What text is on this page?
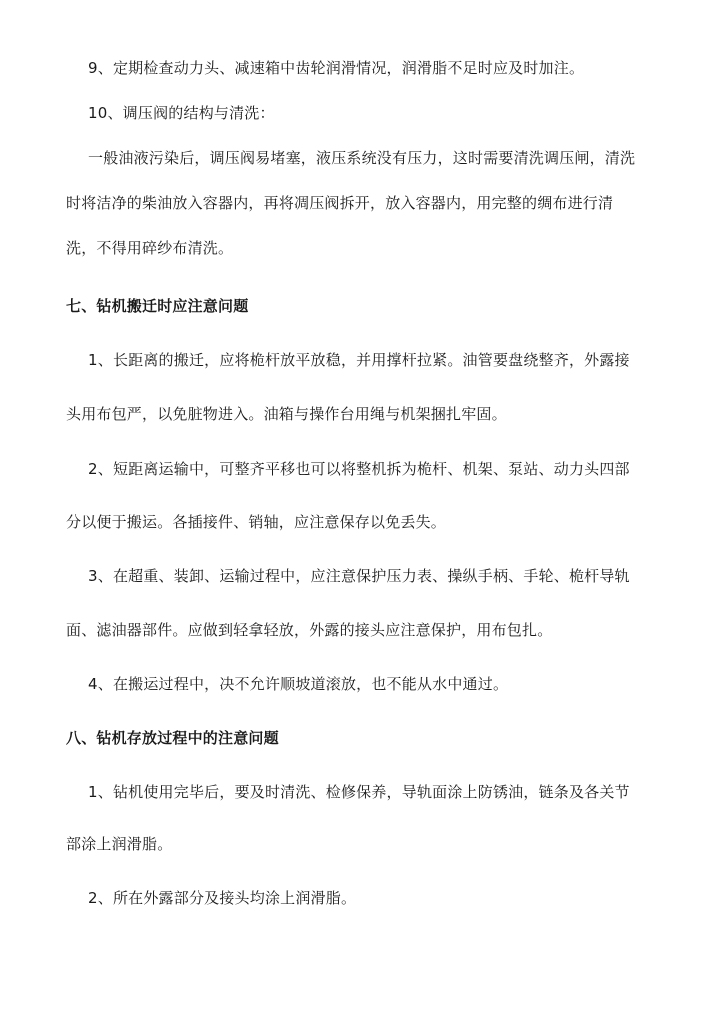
9、定期检查动力头、减速箱中齿轮润滑情况，润滑脂不足时应及时加注。
10、调压阀的结构与清洗：
一般油液污染后，调压阀易堵塞，液压系统没有压力，这时需要清洗调压闸，清洗
时将洁净的柴油放入容器内，再将凋压阀拆开，放入容器内，用完整的绸布进行清
洗，不得用碎纱布清洗。
七、钻机搬迁时应注意问题
1、长距离的搬迁，应将桅杆放平放稳，并用撑杆拉紧。油管要盘绕整齐，外露接
头用布包严，以免脏物进入。油箱与操作台用绳与机架捆扎牢固。
2、短距离运输中，可整齐平移也可以将整机拆为桅杆、机架、泵站、动力头四部
分以便于搬运。各插接件、销轴，应注意保存以免丢失。
3、在超重、装卸、运输过程中，应注意保护压力表、操纵手柄、手轮、桅杆导轨
面、滤油器部件。应做到轻拿轻放，外露的接头应注意保护，用布包扎。
4、在搬运过程中，决不允许顺坡道滚放，也不能从水中通过。
八、钻机存放过程中的注意问题
1、钻机使用完毕后，要及时清洗、检修保养，导轨面涂上防锈油，链条及各关节
部涂上润滑脂。
2、所在外露部分及接头均涂上润滑脂。
